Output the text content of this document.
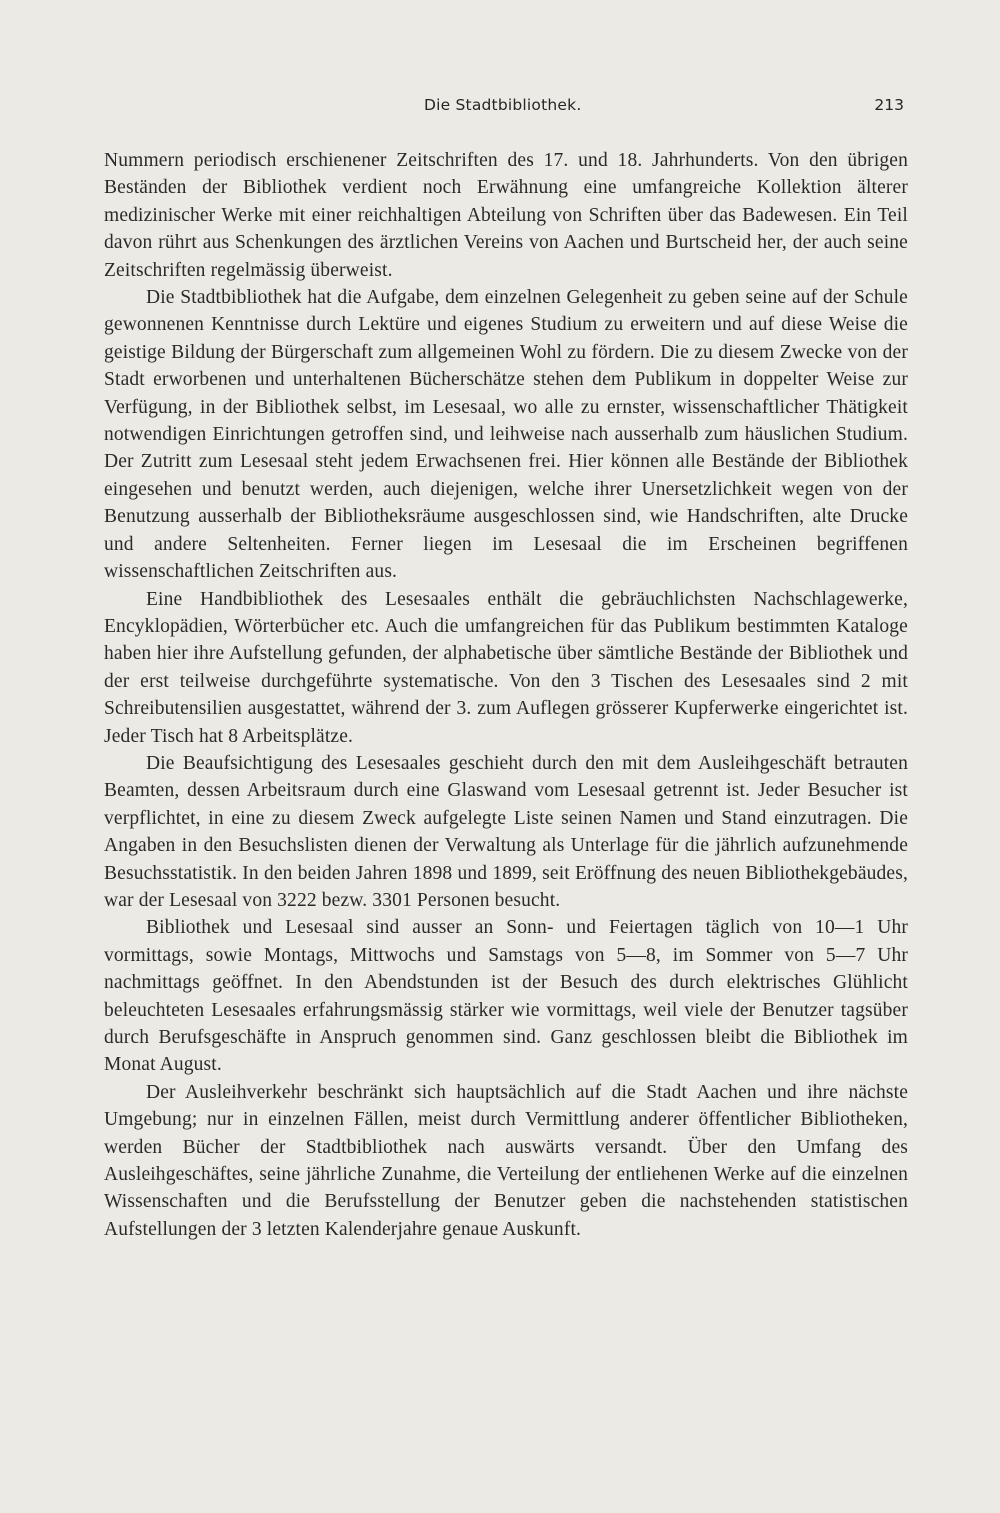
Die Stadtbibliothek.	213

Nummern periodisch erschienener Zeitschriften des 17. und 18. Jahrhunderts. Von den übrigen Beständen der Bibliothek verdient noch Erwähnung eine umfangreiche Kollektion älterer medizinischer Werke mit einer reichhaltigen Abteilung von Schriften über das Badewesen. Ein Teil davon rührt aus Schenkungen des ärztlichen Vereins von Aachen und Burtscheid her, der auch seine Zeitschriften regelmässig überweist.

Die Stadtbibliothek hat die Aufgabe, dem einzelnen Gelegenheit zu geben seine auf der Schule gewonnenen Kenntnisse durch Lektüre und eigenes Studium zu erweitern und auf diese Weise die geistige Bildung der Bürgerschaft zum allgemeinen Wohl zu fördern. Die zu diesem Zwecke von der Stadt erworbenen und unterhaltenen Bücherschätze stehen dem Publikum in doppelter Weise zur Verfügung, in der Bibliothek selbst, im Lesesaal, wo alle zu ernster, wissenschaftlicher Thätigkeit notwendigen Einrichtungen getroffen sind, und leihweise nach ausserhalb zum häuslichen Studium. Der Zutritt zum Lesesaal steht jedem Erwachsenen frei. Hier können alle Bestände der Bibliothek eingesehen und benutzt werden, auch diejenigen, welche ihrer Unersetzlichkeit wegen von der Benutzung ausserhalb der Bibliotheksräume ausgeschlossen sind, wie Handschriften, alte Drucke und andere Seltenheiten. Ferner liegen im Lesesaal die im Erscheinen begriffenen wissenschaftlichen Zeitschriften aus.

Eine Handbibliothek des Lesesaales enthält die gebräuchlichsten Nachschlagewerke, Encyklopädien, Wörterbücher etc. Auch die umfangreichen für das Publikum bestimmten Kataloge haben hier ihre Aufstellung gefunden, der alphabetische über sämtliche Bestände der Bibliothek und der erst teilweise durchgeführte systematische. Von den 3 Tischen des Lesesaales sind 2 mit Schreibutensilien ausgestattet, während der 3. zum Auflegen grösserer Kupferwerke eingerichtet ist. Jeder Tisch hat 8 Arbeitsplätze.

Die Beaufsichtigung des Lesesaales geschieht durch den mit dem Ausleihgeschäft betrauten Beamten, dessen Arbeitsraum durch eine Glaswand vom Lesesaal getrennt ist. Jeder Besucher ist verpflichtet, in eine zu diesem Zweck aufgelegte Liste seinen Namen und Stand einzutragen. Die Angaben in den Besuchslisten dienen der Verwaltung als Unterlage für die jährlich aufzunehmende Besuchsstatistik. In den beiden Jahren 1898 und 1899, seit Eröffnung des neuen Bibliothekgebäudes, war der Lesesaal von 3222 bezw. 3301 Personen besucht.

Bibliothek und Lesesaal sind ausser an Sonn- und Feiertagen täglich von 10—1 Uhr vormittags, sowie Montags, Mittwochs und Samstags von 5—8, im Sommer von 5—7 Uhr nachmittags geöffnet. In den Abendstunden ist der Besuch des durch elektrisches Glühlicht beleuchteten Lesesaales erfahrungsmässig stärker wie vormittags, weil viele der Benutzer tagsüber durch Berufsgeschäfte in Anspruch genommen sind. Ganz geschlossen bleibt die Bibliothek im Monat August.

Der Ausleihverkehr beschränkt sich hauptsächlich auf die Stadt Aachen und ihre nächste Umgebung; nur in einzelnen Fällen, meist durch Vermittlung anderer öffentlicher Bibliotheken, werden Bücher der Stadtbibliothek nach auswärts versandt. Über den Umfang des Ausleihgeschäftes, seine jährliche Zunahme, die Verteilung der entliehenen Werke auf die einzelnen Wissenschaften und die Berufsstellung der Benutzer geben die nachstehenden statistischen Aufstellungen der 3 letzten Kalenderjahre genaue Auskunft.
